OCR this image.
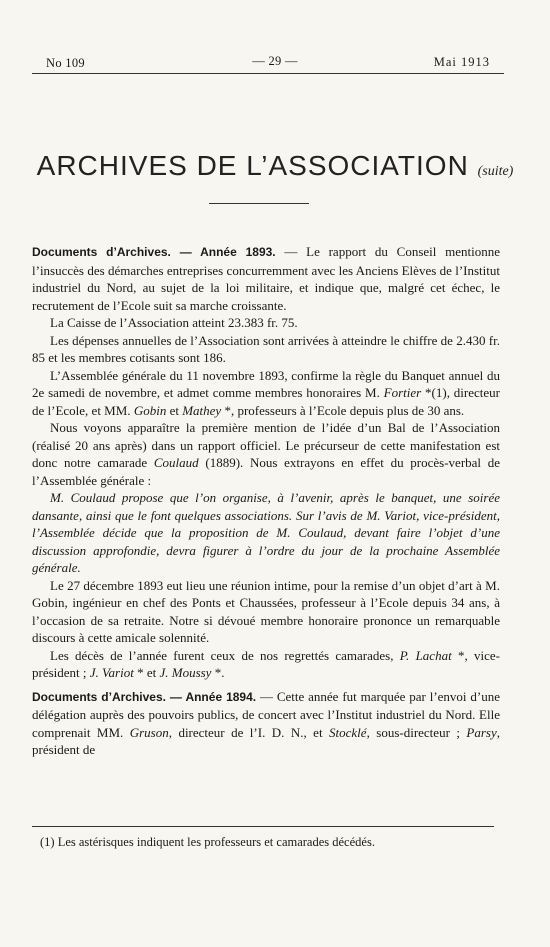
No 109	— 29 —	Mai 1913
ARCHIVES DE L’ASSOCIATION (suite)

Documents d’Archives. — Année 1893. — Le rapport du Conseil mentionne l’insuccès des démarches entreprises concurremment avec les Anciens Elèves de l’Institut industriel du Nord, au sujet de la loi militaire, et indique que, malgré cet échec, le recrutement de l’Ecole suit sa marche croissante.

La Caisse de l’Association atteint 23.383 fr. 75.

Les dépenses annuelles de l’Association sont arrivées à atteindre le chiffre de 2.430 fr. 85 et les membres cotisants sont 186.

L’Assemblée générale du 11 novembre 1893, confirme la règle du Banquet annuel du 2e samedi de novembre, et admet comme membres honoraires M. Fortier *(1), directeur de l’Ecole, et MM. Gobin et Mathey *, professeurs à l’Ecole depuis plus de 30 ans.

Nous voyons apparaître la première mention de l’idée d’un Bal de l’Association (réalisé 20 ans après) dans un rapport officiel. Le précurseur de cette manifestation est donc notre camarade Coulaud (1889). Nous extrayons en effet du procès-verbal de l’Assemblée générale :

M. Coulaud propose que l’on organise, à l’avenir, après le banquet, une soirée dansante, ainsi que le font quelques associations. Sur l’avis de M. Variot, vice-président, l’Assemblée décide que la proposition de M. Coulaud, devant faire l’objet d’une discussion approfondie, devra figurer à l’ordre du jour de la prochaine Assemblée générale.

Le 27 décembre 1893 eut lieu une réunion intime, pour la remise d’un objet d’art à M. Gobin, ingénieur en chef des Ponts et Chaussées, professeur à l’Ecole depuis 34 ans, à l’occasion de sa retraite. Notre si dévoué membre honoraire prononce un remarquable discours à cette amicale solennité.

Les décès de l’année furent ceux de nos regrettés camarades, P. Lachat *, vice-président ; J. Variot * et J. Moussy *.

Documents d’Archives. — Année 1894. — Cette année fut marquée par l’envoi d’une délégation auprès des pouvoirs publics, de concert avec l’Institut industriel du Nord. Elle comprenait MM. Gruson, directeur de l’I. D. N., et Stocklé, sous-directeur ; Parsy, président de

(1) Les astérisques indiquent les professeurs et camarades décédés.
